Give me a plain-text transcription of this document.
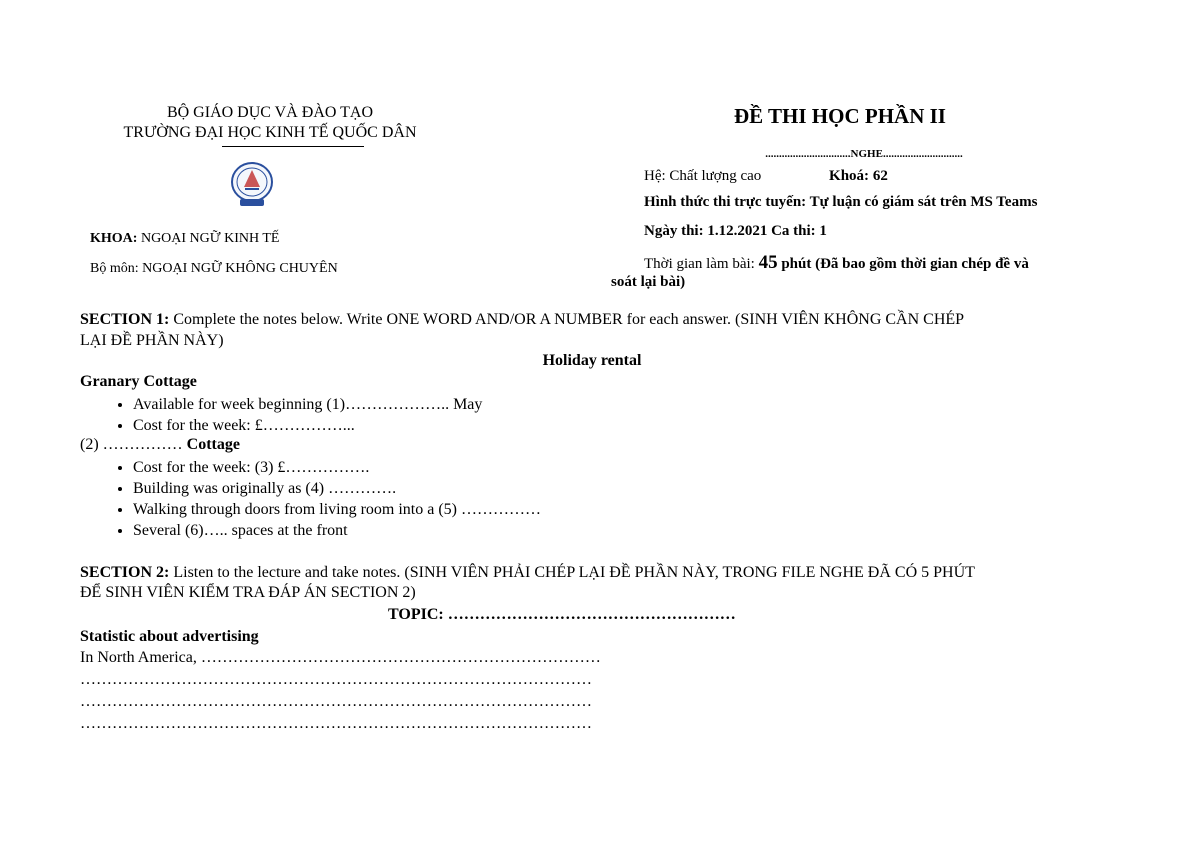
BỘ GIÁO DỤC VÀ ĐÀO TẠO
TRƯỜNG ĐẠI HỌC KINH TẾ QUỐC DÂN
KHOA: NGOẠI NGỮ KINH TẾ
Bộ môn: NGOẠI NGỮ KHÔNG CHUYÊN
ĐỀ THI HỌC PHẦN II
...............................NGHE.............................
Hệ: Chất lượng cao	Khoá: 62
Hình thức thi trực tuyến: Tự luận có giám sát trên MS Teams
Ngày thi: 1.12.2021 Ca thi: 1
Thời gian làm bài: 45 phút (Đã bao gồm thời gian chép đề và
soát lại bài)
SECTION 1: Complete the notes below. Write ONE WORD AND/OR A NUMBER for each answer. (SINH VIÊN KHÔNG CẦN CHÉP
LẠI ĐỀ PHẦN NÀY)
Holiday rental
Granary Cottage
• Available for week beginning (1)……………….. May
• Cost for the week: £……………...
(2) …………… Cottage
• Cost for the week: (3) £…………….
• Building was originally as (4) ………….
• Walking through doors from living room into a (5) ……………
• Several (6)….. spaces at the front
SECTION 2: Listen to the lecture and take notes. (SINH VIÊN PHẢI CHÉP LẠI ĐỀ PHẦN NÀY, TRONG FILE NGHE ĐÃ CÓ 5 PHÚT
ĐỂ SINH VIÊN KIỂM TRA ĐÁP ÁN SECTION 2)
TOPIC: ………………………………………………
Statistic about advertising
In North America, …………………………………………………………………
……………………………………………………………………………………
……………………………………………………………………………………
……………………………………………………………………………………
